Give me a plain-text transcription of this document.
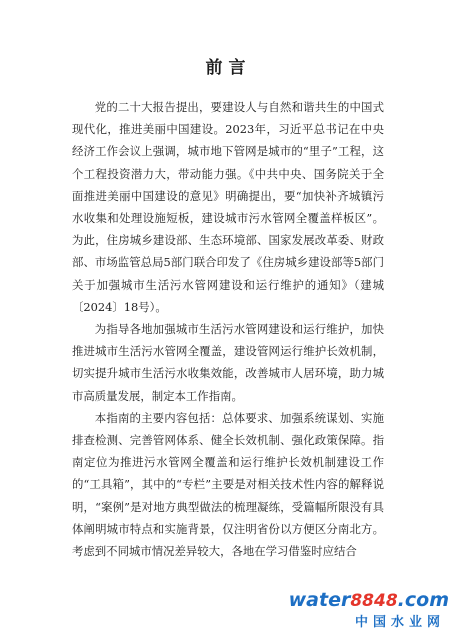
前言

党的二十大报告提出，要建设人与自然和谐共生的中国式现代化，推进美丽中国建设。2023年，习近平总书记在中央经济工作会议上强调，城市地下管网是城市的“里子”工程，这个工程投资潜力大，带动能力强。《中共中央、国务院关于全面推进美丽中国建设的意见》明确提出，要“加快补齐城镇污水收集和处理设施短板，建设城市污水管网全覆盖样板区”。为此，住房城乡建设部、生态环境部、国家发展改革委、财政部、市场监管总局5部门联合印发了《住房城乡建设部等5部门关于加强城市生活污水管网建设和运行维护的通知》（建城〔2024〕18号）。

为指导各地加强城市生活污水管网建设和运行维护，加快推进城市生活污水管网全覆盖，建设管网运行维护长效机制，切实提升城市生活污水收集效能，改善城市人居环境，助力城市高质量发展，制定本工作指南。

本指南的主要内容包括：总体要求、加强系统谋划、实施排查检测、完善管网体系、健全长效机制、强化政策保障。指南定位为推进污水管网全覆盖和运行维护长效机制建设工作的“工具箱”，其中的“专栏”主要是对相关技术性内容的解释说明，“案例”是对地方典型做法的梳理凝练，受篇幅所限没有具体阐明城市特点和实施背景，仅注明省份以方便区分南北方。考虑到不同城市情况差异较大，各地在学习借鉴时应结合

water8848.com
中国水业网
